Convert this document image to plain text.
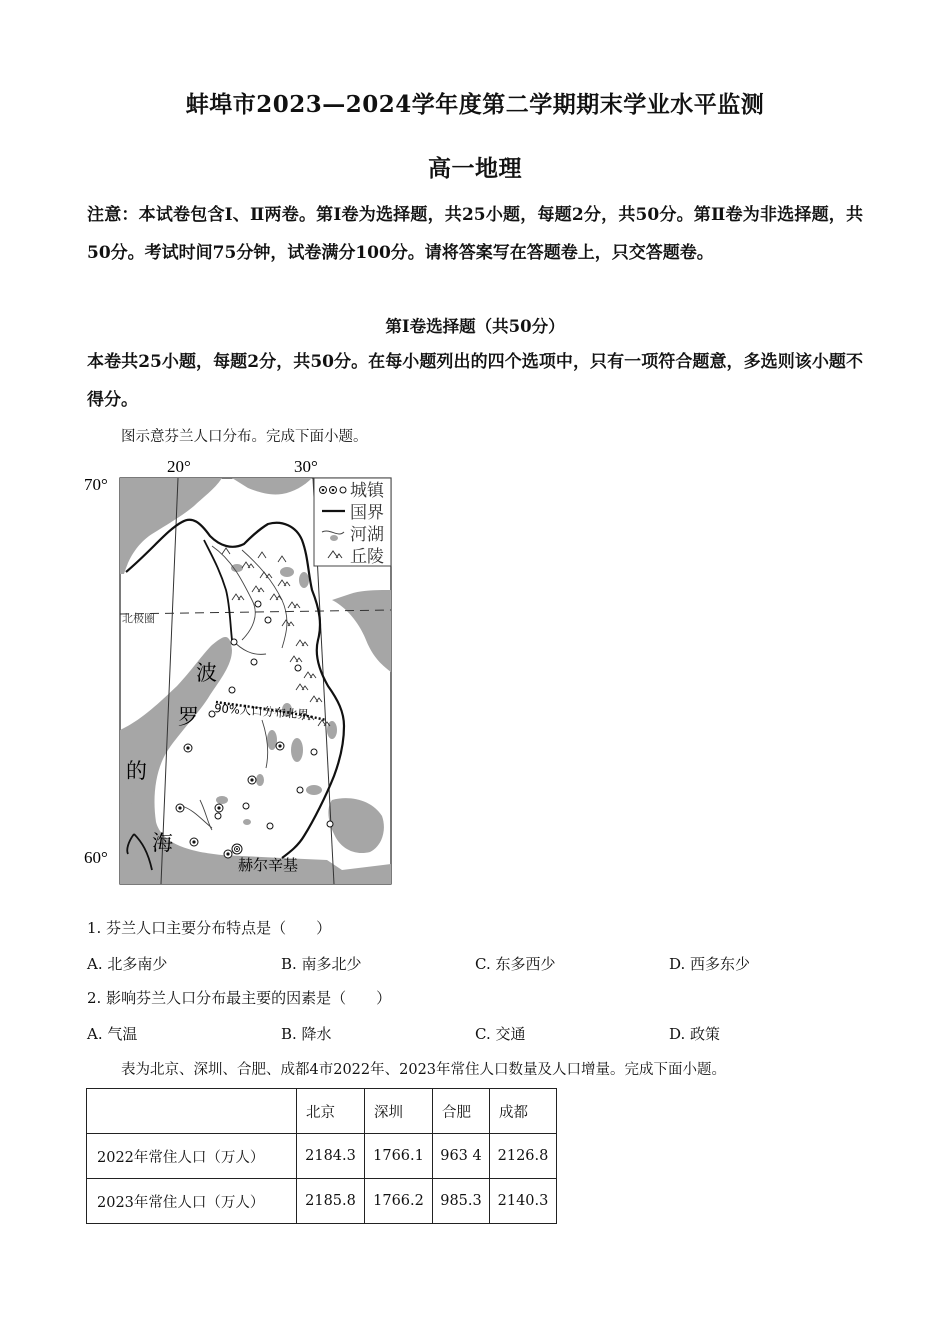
蚌埠市2023—2024学年度第二学期期末学业水平监测
高一地理
注意：本试卷包含Ⅰ、Ⅱ两卷。第Ⅰ卷为选择题，共25小题，每题2分，共50分。第Ⅱ卷为非选择题，共50分。考试时间75分钟，试卷满分100分。请将答案写在答题卷上，只交答题卷。
第Ⅰ卷选择题（共50分）
本卷共25小题，每题2分，共50分。在每小题列出的四个选项中，只有一项符合题意，多选则该小题不得分。
图示意芬兰人口分布。完成下面小题。
20°	30°
70°
60°
北极圈
波
罗
的
海
90%人口分布北界
赫尔辛基
城镇
国界
河湖
丘陵
1. 芬兰人口主要分布特点是（　　）
A. 北多南少	B. 南多北少	C. 东多西少	D. 西多东少
2. 影响芬兰人口分布最主要的因素是（　　）
A. 气温	B. 降水	C. 交通	D. 政策
表为北京、深圳、合肥、成都4市2022年、2023年常住人口数量及人口增量。完成下面小题。
	北京	深圳	合肥	成都
2022年常住人口（万人）	2184.3	1766.1	963 4	2126.8
2023年常住人口（万人）	2185.8	1766.2	985.3	2140.3
